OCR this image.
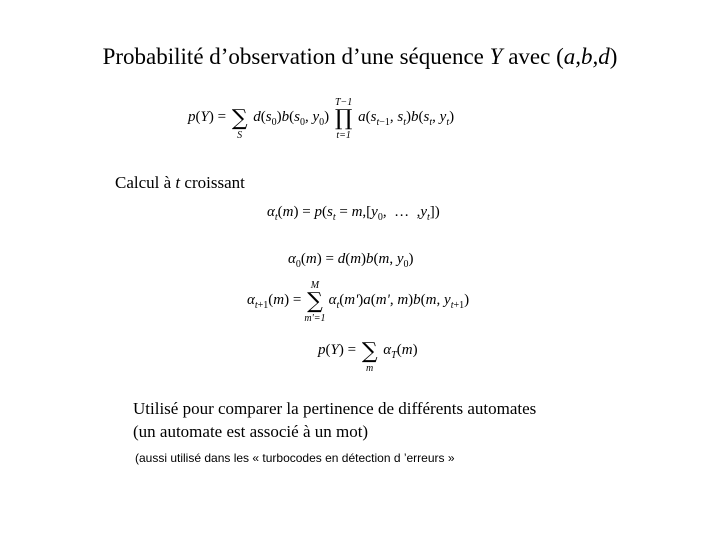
Probabilité d’observation d’une séquence Y avec (a,b,d)
p(Y) = ∑
S
$d(s_0)b(s_0$, $y_0$) ∏
T−1
t=1
$a(s_{t-1}$, $s_t)b(s_t$, $y_t$)
Calcul à t croissant
$\alpha_t(m) = p(s_t = m,[y_0$, … $,y_t$])
$\alpha_0(m) = d(m)b(m$, $y_0$)
$\alpha_{t+1}(m)$ = ∑
M
m'=1
$\alpha_t(m')a(m'$, m)b(m, $y_{t+1}$)
p(Y) = ∑
m
$\alpha_T(m)$
Utilisé pour comparer la pertinence de différents automates
(un automate est associé à un mot)
(aussi utilisé dans les « turbocodes en détection d ’erreurs »
